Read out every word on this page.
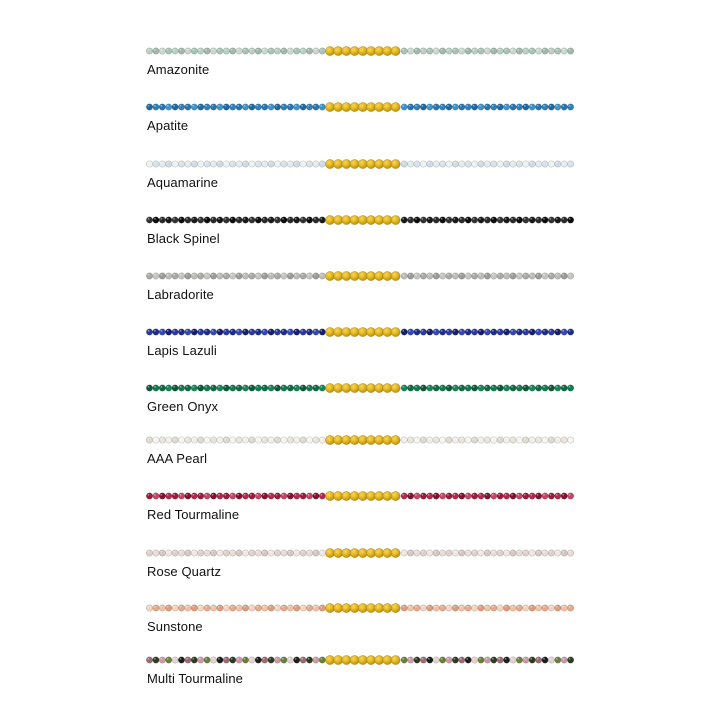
Amazonite
Apatite
Aquamarine
Black Spinel
Labradorite
Lapis Lazuli
Green Onyx
AAA Pearl
Red Tourmaline
Rose Quartz
Sunstone
Multi Tourmaline
